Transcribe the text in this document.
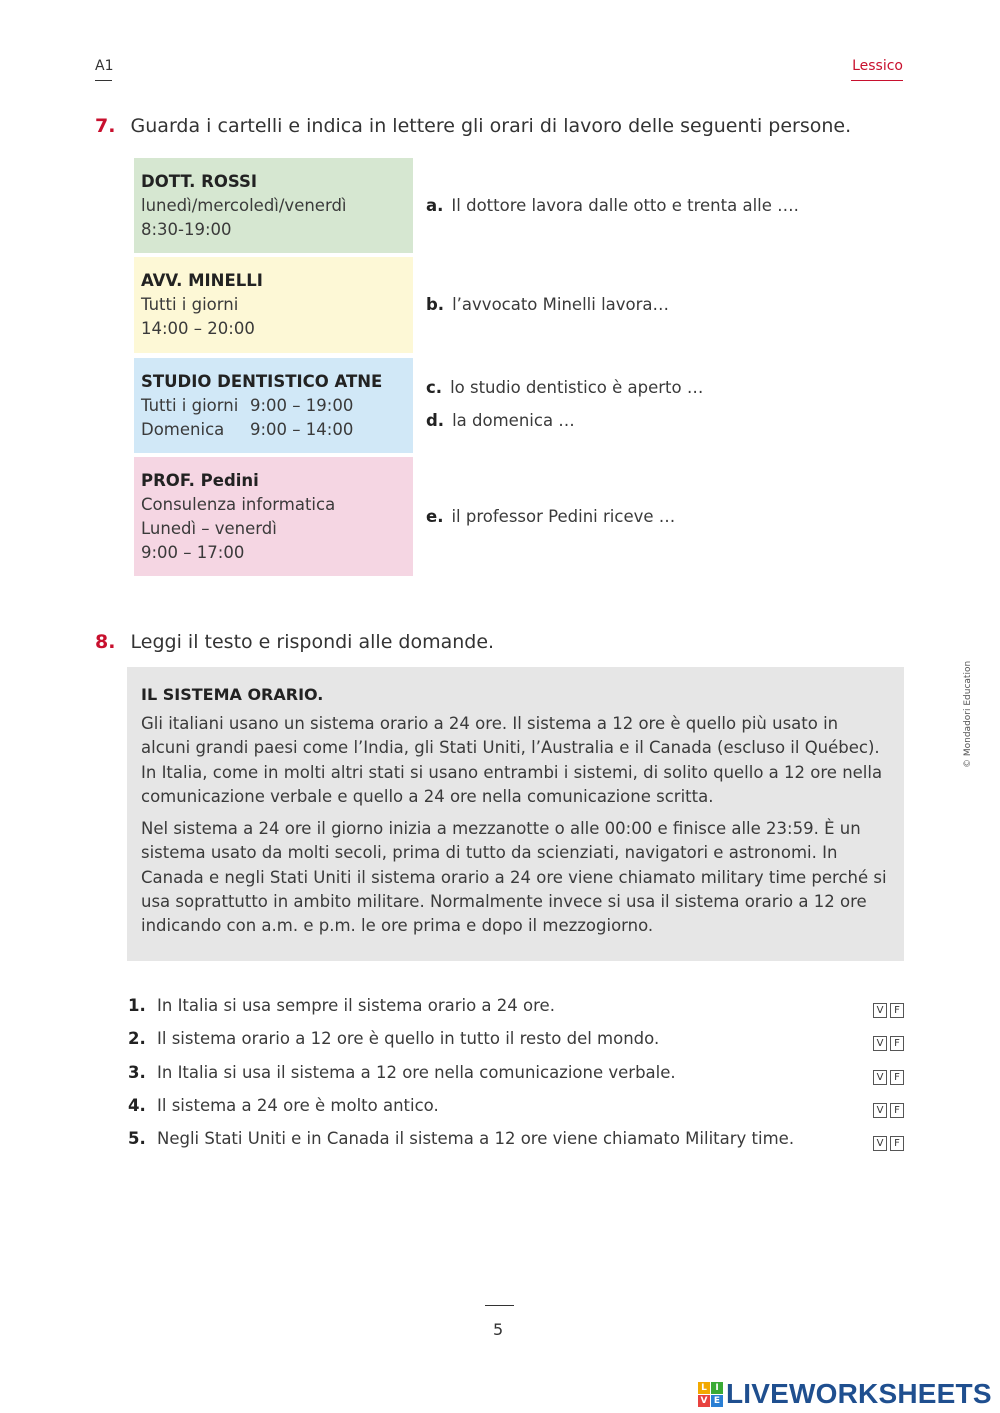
A1	Lessico
7. Guarda i cartelli e indica in lettere gli orari di lavoro delle seguenti persone.
DOTT. ROSSI
lunedì/mercoledì/venerdì
8:30-19:00
AVV. MINELLI
Tutti i giorni
14:00 – 20:00
STUDIO DENTISTICO ATNE
Tutti i giorni 9:00 – 19:00
Domenica 9:00 – 14:00
PROF. Pedini
Consulenza informatica
Lunedì – venerdì
9:00 – 17:00
a. Il dottore lavora dalle otto e trenta alle ….
b. l’avvocato Minelli lavora…
c. lo studio dentistico è aperto …
d. la domenica …
e. il professor Pedini riceve …
8. Leggi il testo e rispondi alle domande.
IL SISTEMA ORARIO.

Gli italiani usano un sistema orario a 24 ore. Il sistema a 12 ore è quello più usato in alcuni grandi paesi come l’India, gli Stati Uniti, l’Australia e il Canada (escluso il Québec). In Italia, come in molti altri stati si usano entrambi i sistemi, di solito quello a 12 ore nella comunicazione verbale e quello a 24 ore nella comunicazione scritta.

Nel sistema a 24 ore il giorno inizia a mezzanotte o alle 00:00 e finisce alle 23:59. È un sistema usato da molti secoli, prima di tutto da scienziati, navigatori e astronomi. In Canada e negli Stati Uniti il sistema orario a 24 ore viene chiamato military time perché si usa soprattutto in ambito militare. Normalmente invece si usa il sistema orario a 12 ore indicando con a.m. e p.m. le ore prima e dopo il mezzogiorno.

1. In Italia si usa sempre il sistema orario a 24 ore.	V F
2. Il sistema orario a 12 ore è quello in tutto il resto del mondo.	V F
3. In Italia si usa il sistema a 12 ore nella comunicazione verbale.	V F
4. Il sistema a 24 ore è molto antico.	V F
5. Negli Stati Uniti e in Canada il sistema a 12 ore viene chiamato Military time.	V F
© Mondadori Education
5
L I
V E LIVEWORKSHEETS
